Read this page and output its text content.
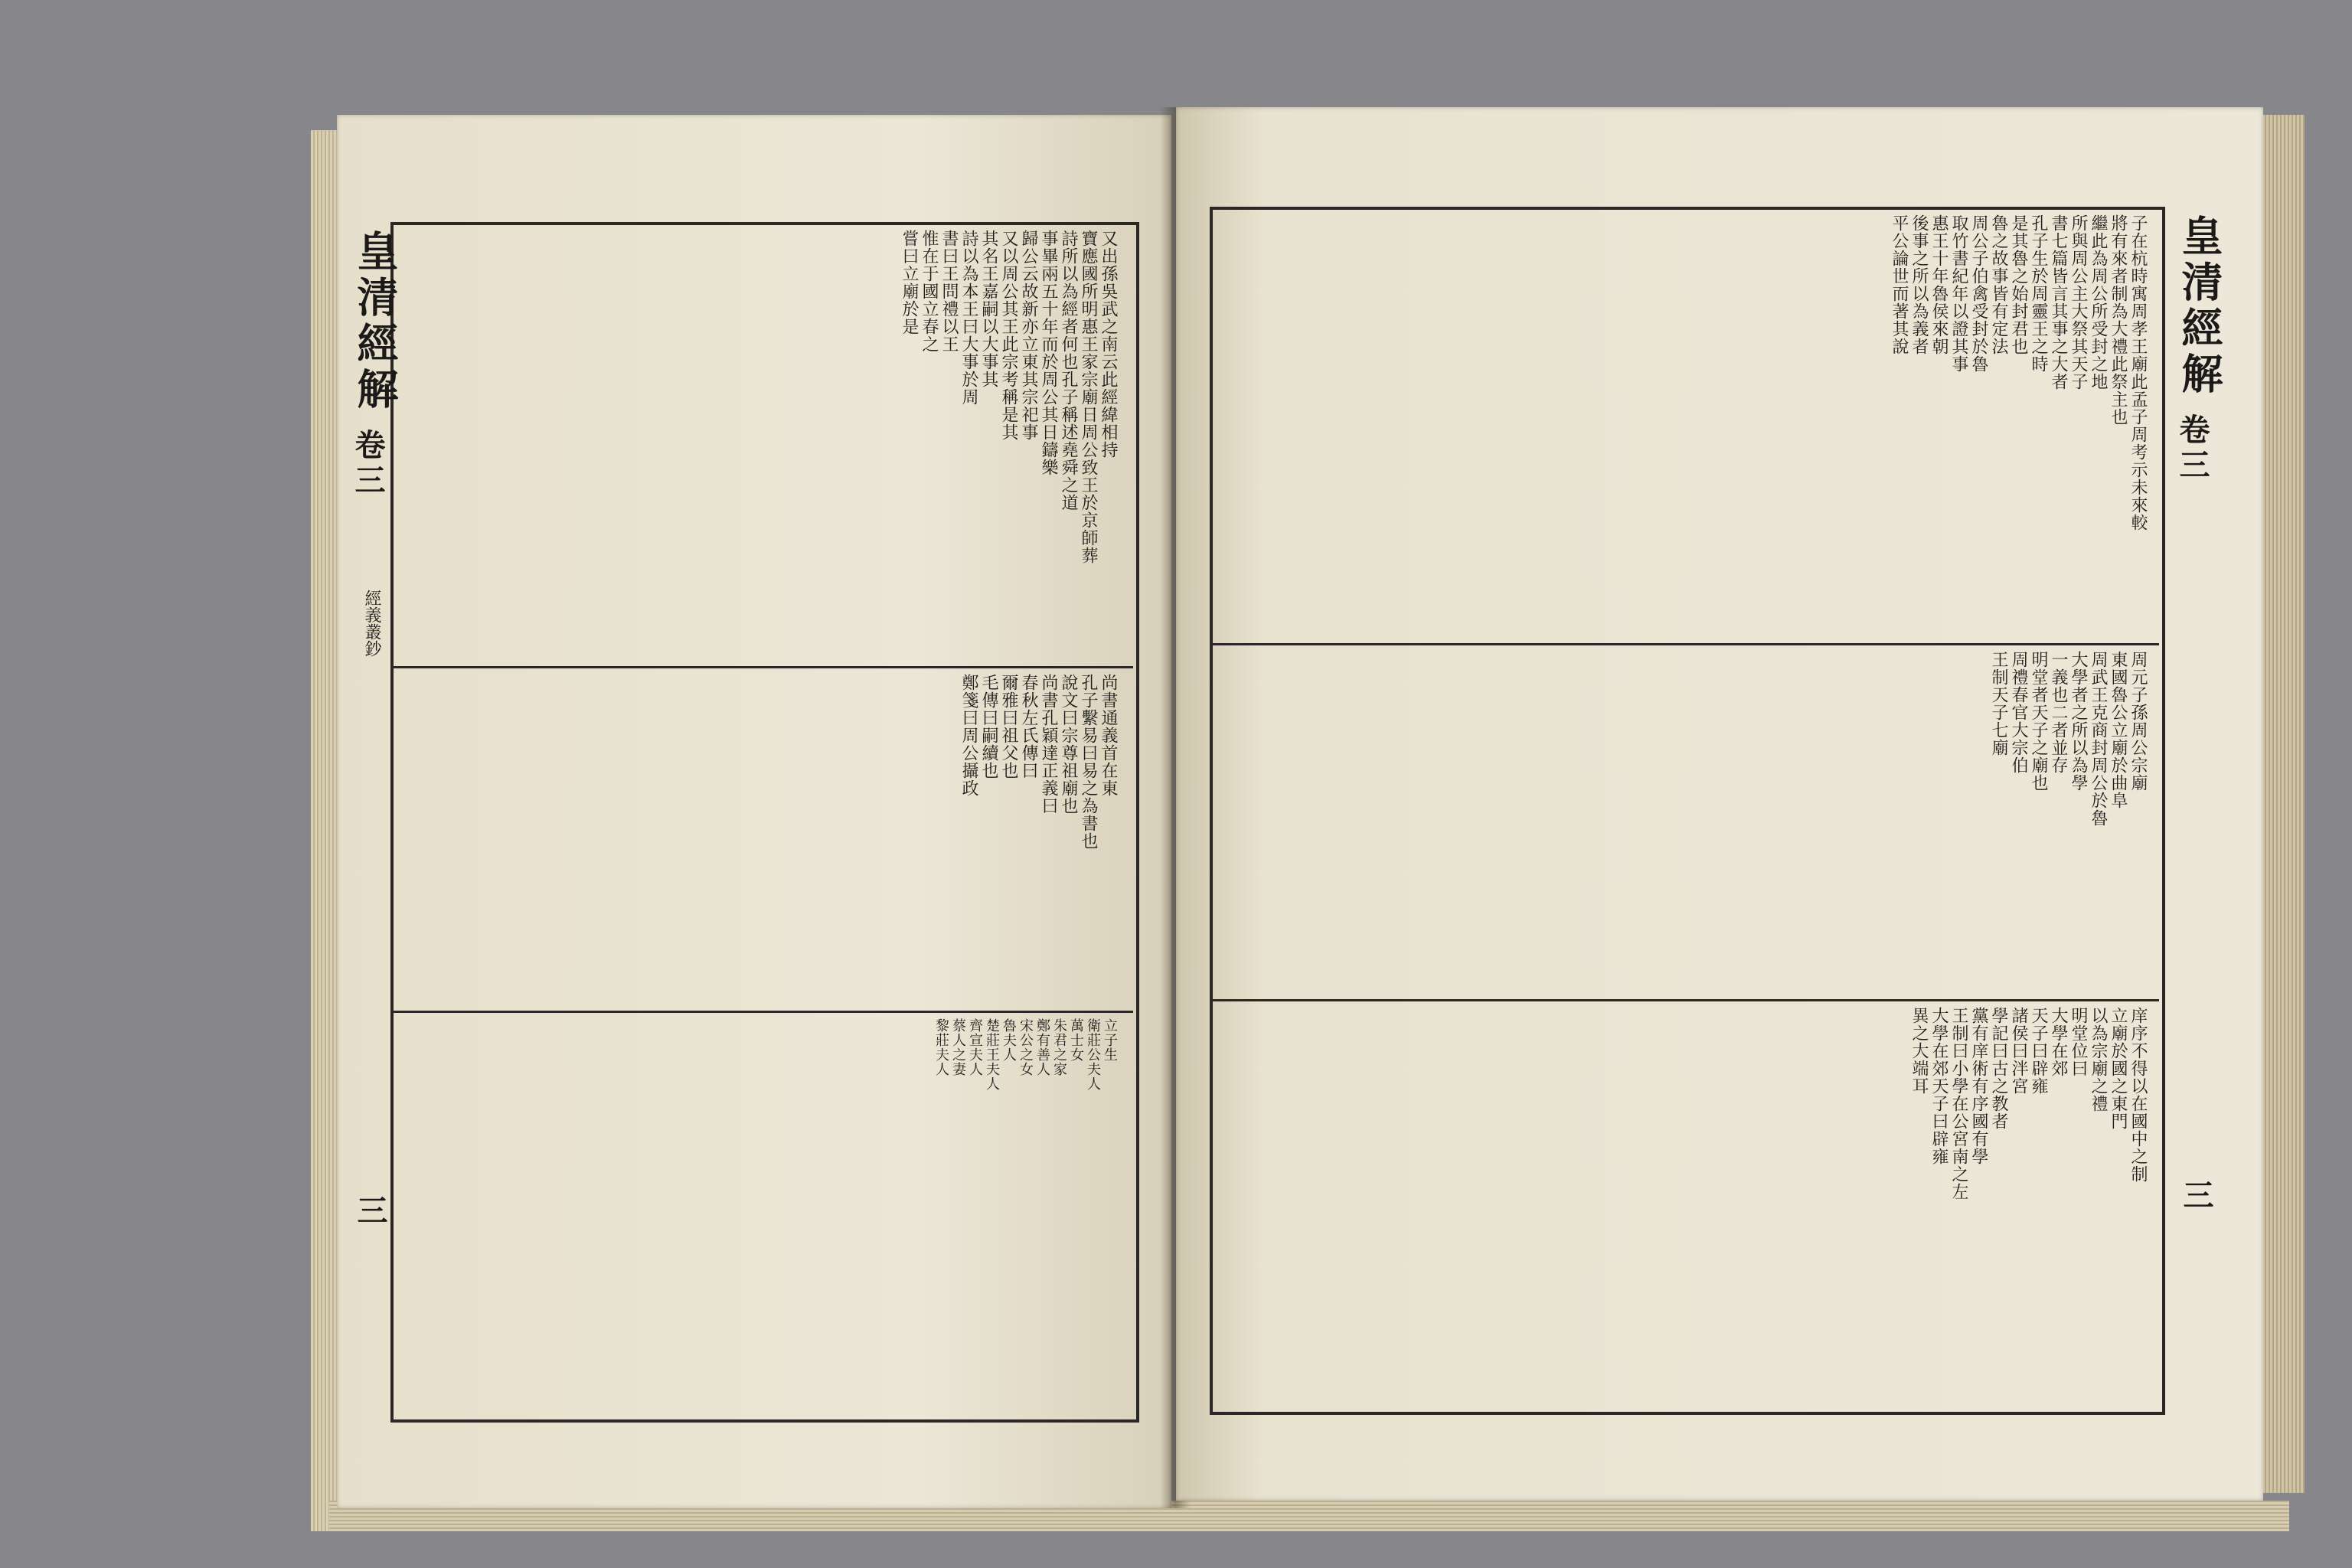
皇清經解
卷三
經義叢鈔
三
又出孫吳武之南云此經緯相持
寶應國所明惠王家宗廟日周公致王於京師葬
詩所以為經者何也孔子稱述堯舜之道
事畢兩五十年而於周公其日鑄樂
歸公云故新亦立東其宗祀事
又以周公其王此宗考稱是其
其名王嘉嗣以大事其
詩以為本王曰大事於周
書曰王問禮以王
惟在于國立春之
嘗曰立廟於是
尚書通義首在東
孔子繫易曰易之為書也
說文曰宗尊祖廟也
尚書孔穎達正義曰
春秋左氏傳曰
爾雅曰祖父也
毛傳曰嗣續也
鄭箋曰周公攝政
立子生
衛莊公夫人
萬士女
朱君之家
鄭有善人
宋公之女
魯夫人
楚莊王夫人
齊宣夫人
蔡人之妻
黎莊夫人
皇清經解
卷三
三
子在杭時寓周孝王廟此孟子周考示未來較
將有來者制為大禮此祭主也
繼此為周公所受封之地
所與周公主大祭其天子
書七篇皆言其事之大者
孔子生於周靈王之時
是其魯之始封君也
魯之故事皆有定法
周公子伯禽受封於魯
取竹書紀年以證其事
惠王十年魯侯來朝
後事之所以為義者
平公論世而著其說
周元子孫周公宗廟
東國魯公立廟於曲阜
周武王克商封周公於魯
大學者之所以為學
一義也二者並存
明堂者天子之廟也
周禮春官大宗伯
王制天子七廟
庠序不得以在國中之制
立廟於國之東門
以為宗廟之禮
明堂位曰
大學在郊
天子曰辟雍
諸侯曰泮宮
學記曰古之教者
黨有庠術有序國有學
王制曰小學在公宮南之左
大學在郊天子曰辟雍
異之大端耳
